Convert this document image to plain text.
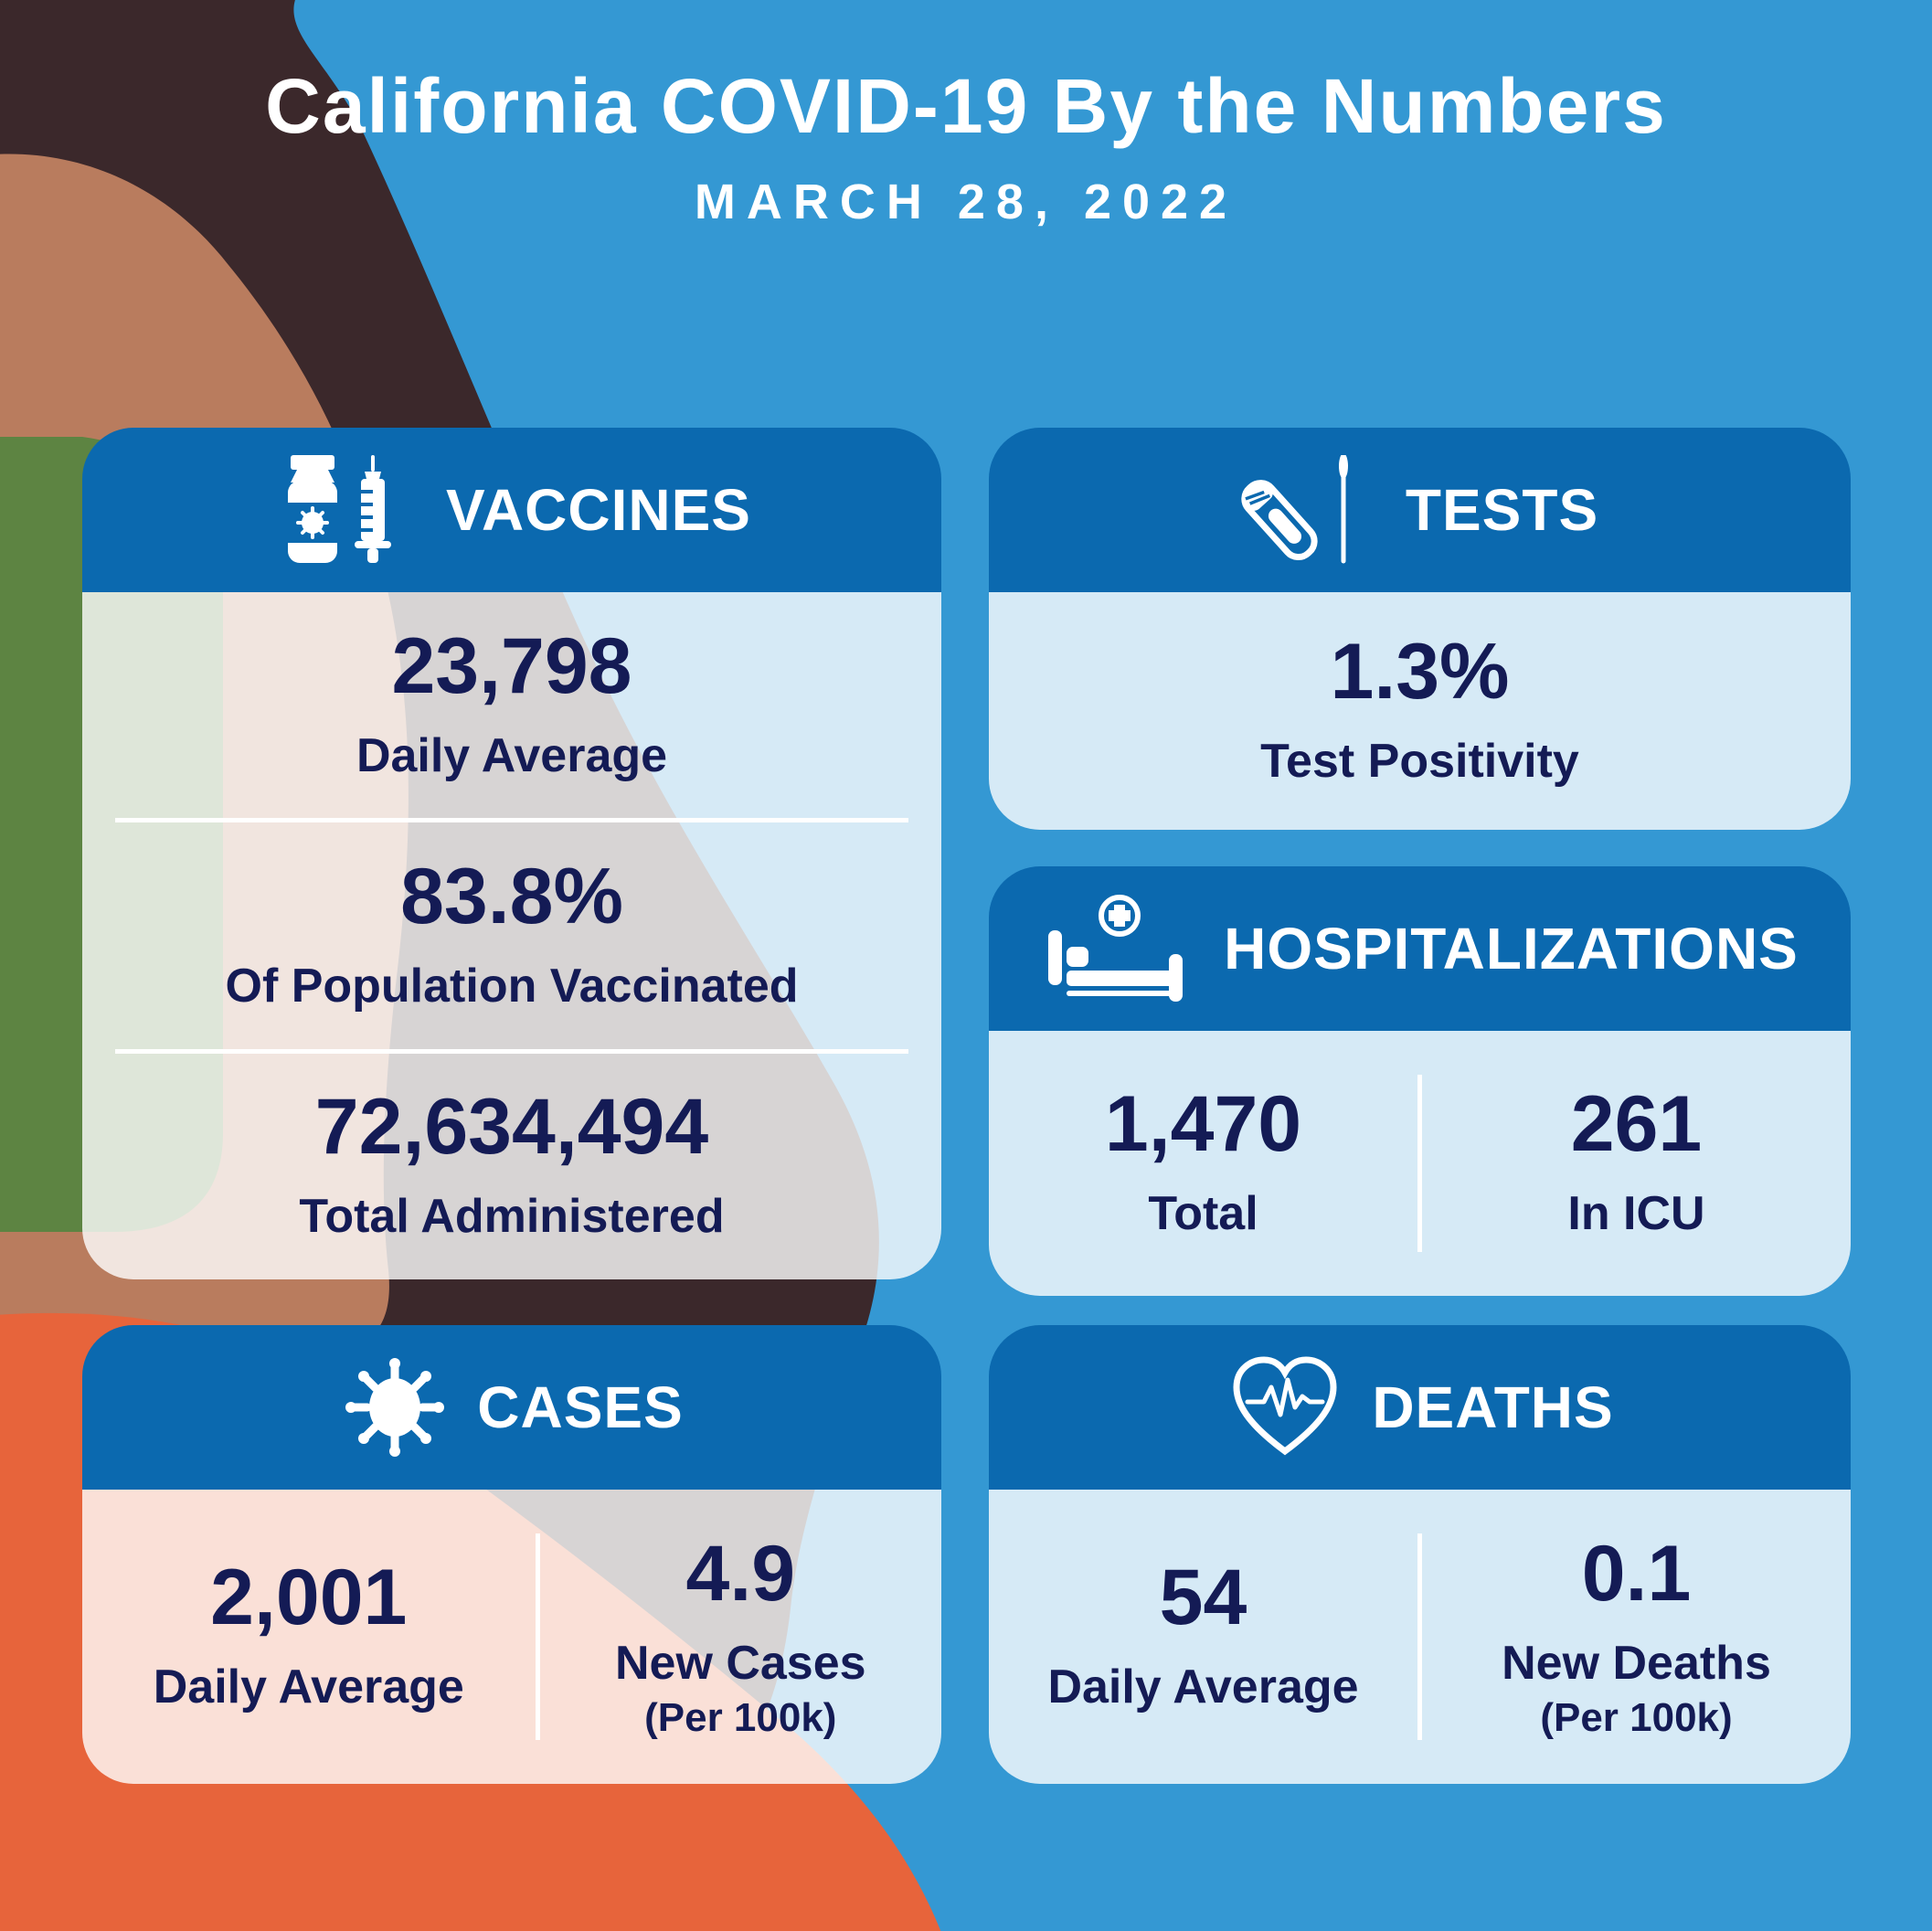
California COVID-19 By the Numbers
MARCH 28, 2022
VACCINES
23,798
Daily Average
83.8%
Of Population Vaccinated
72,634,494
Total Administered
TESTS
1.3%
Test Positivity
HOSPITALIZATIONS
1,470
Total
261
In ICU
CASES
2,001
Daily Average
4.9
New Cases
(Per 100k)
DEATHS
54
Daily Average
0.1
New Deaths
(Per 100k)
